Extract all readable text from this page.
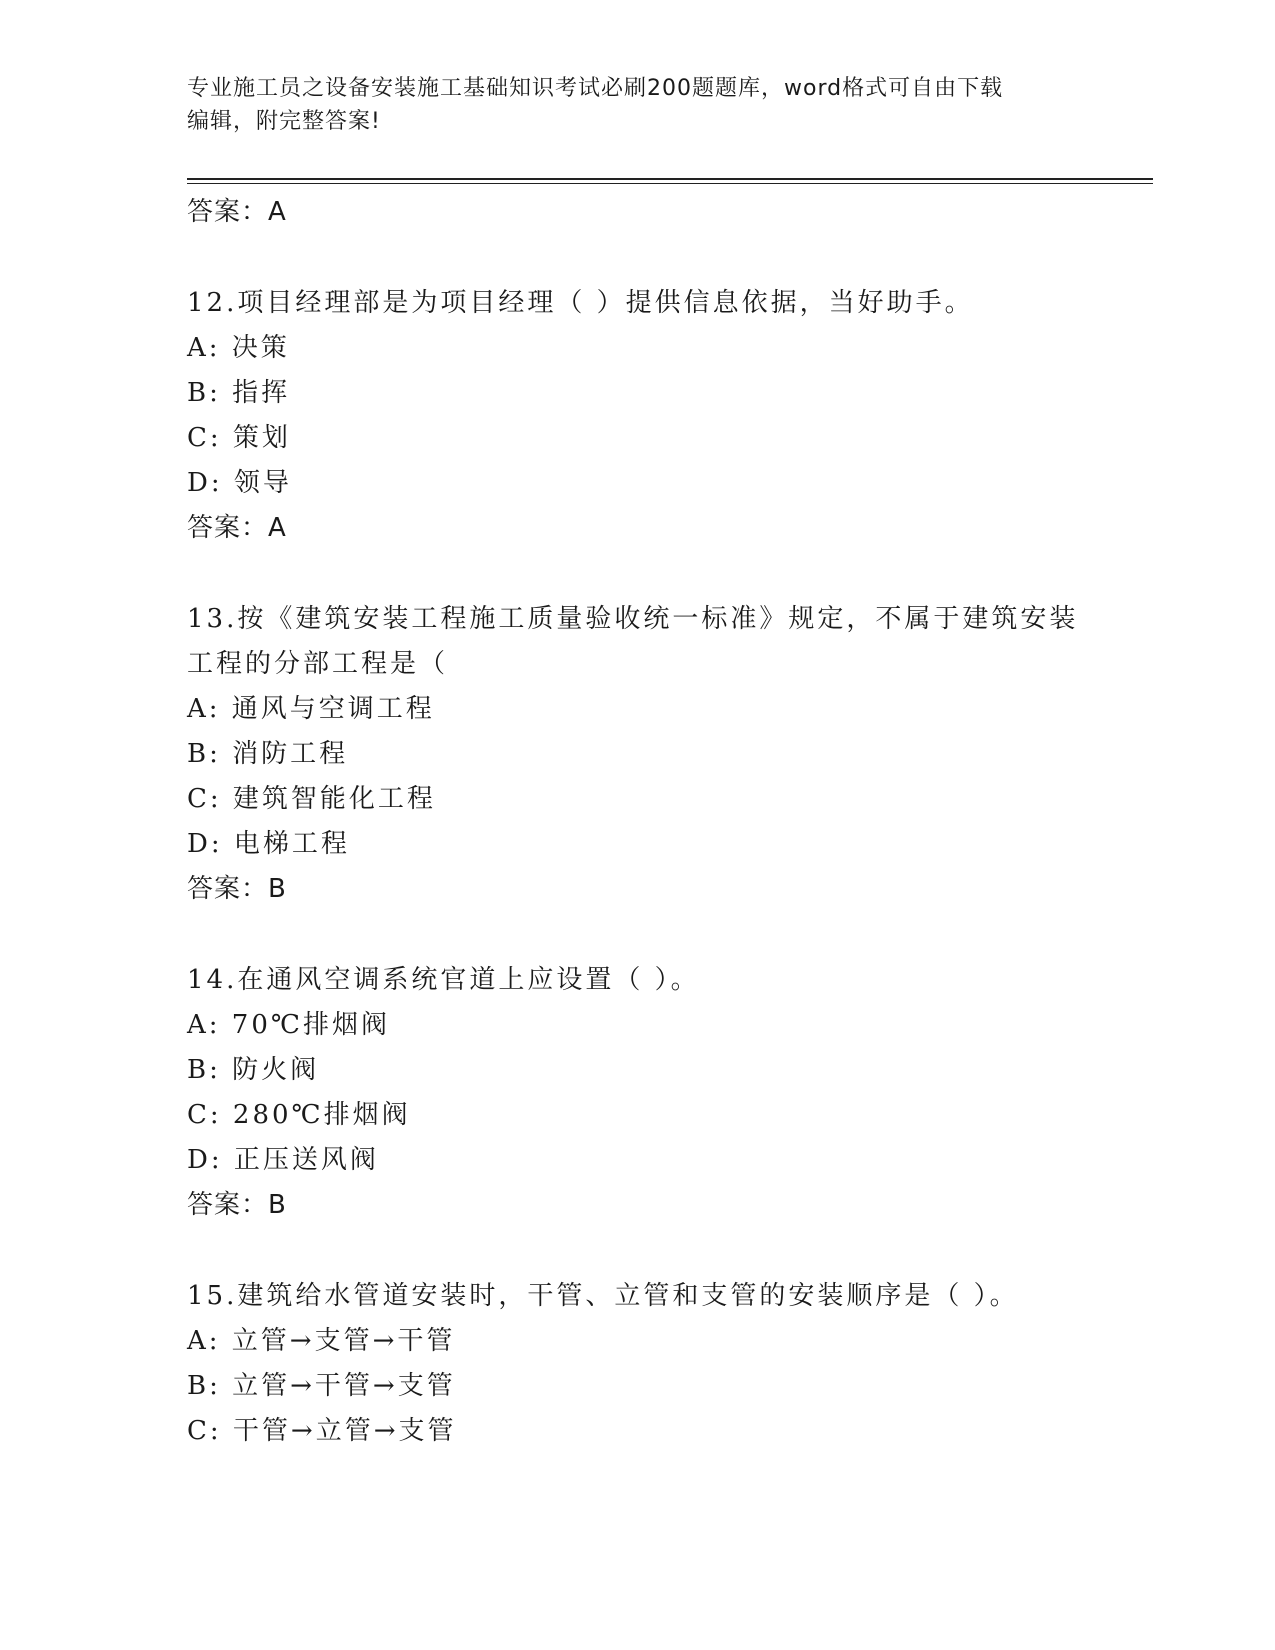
专业施工员之设备安装施工基础知识考试必刷200题题库，word格式可自由下载
编辑，附完整答案!
答案：A
12.项目经理部是为项目经理（ ）提供信息依据，当好助手。
A: 决策
B: 指挥
C: 策划
D: 领导
答案：A
13.按《建筑安装工程施工质量验收统一标准》规定，不属于建筑安装工程的分部工程是（
A: 通风与空调工程
B: 消防工程
C: 建筑智能化工程
D: 电梯工程
答案：B
14.在通风空调系统官道上应设置（ ）。
A: 70℃排烟阀
B: 防火阀
C: 280℃排烟阀
D: 正压送风阀
答案：B
15.建筑给水管道安装时，干管、立管和支管的安装顺序是（ ）。
A: 立管→支管→干管
B: 立管→干管→支管
C: 干管→立管→支管
